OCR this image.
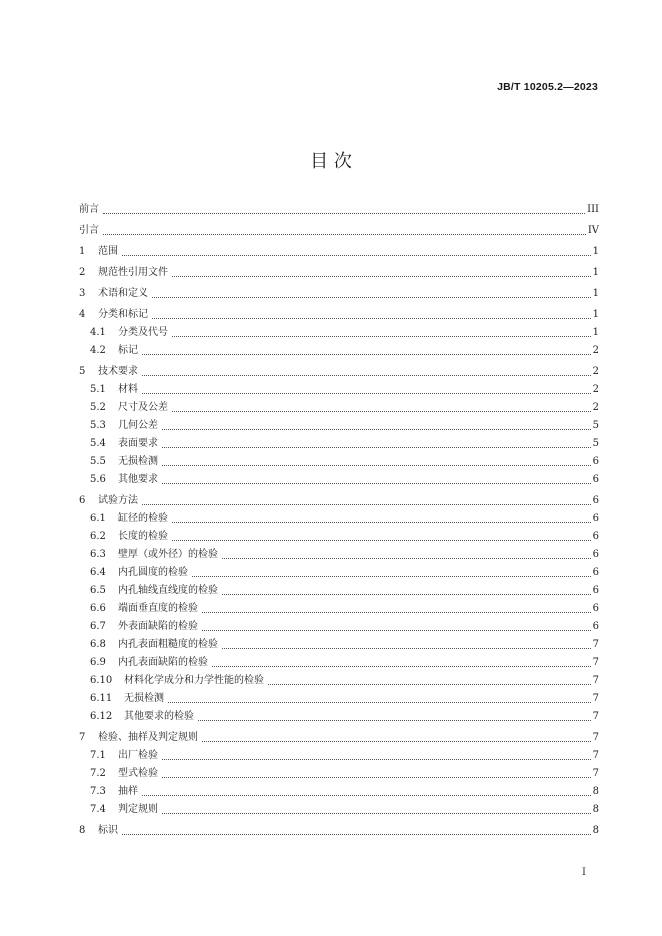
JB/T 10205.2—2023
目 次
前言	III
引言	IV
1	范围	1
2	规范性引用文件	1
3	术语和定义	1
4	分类和标记	1
4.1	分类及代号	1
4.2	标记	2
5	技术要求	2
5.1	材料	2
5.2	尺寸及公差	2
5.3	几何公差	5
5.4	表面要求	5
5.5	无损检测	6
5.6	其他要求	6
6	试验方法	6
6.1	缸径的检验	6
6.2	长度的检验	6
6.3	壁厚（或外径）的检验	6
6.4	内孔圆度的检验	6
6.5	内孔轴线直线度的检验	6
6.6	端面垂直度的检验	6
6.7	外表面缺陷的检验	6
6.8	内孔表面粗糙度的检验	7
6.9	内孔表面缺陷的检验	7
6.10	材料化学成分和力学性能的检验	7
6.11	无损检测	7
6.12	其他要求的检验	7
7	检验、抽样及判定规则	7
7.1	出厂检验	7
7.2	型式检验	7
7.3	抽样	8
7.4	判定规则	8
8	标识	8
I
